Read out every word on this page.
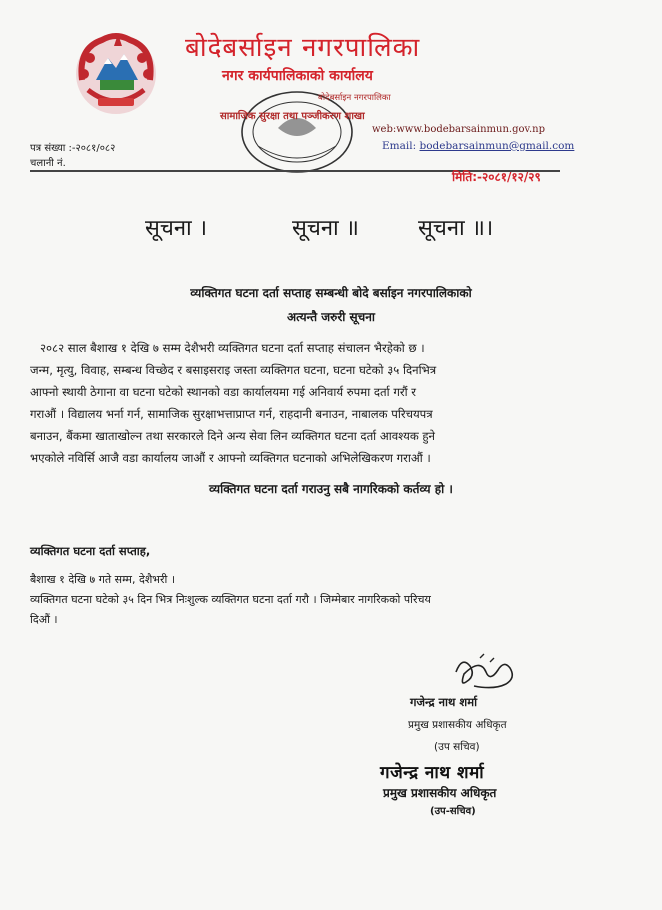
बोदेबर्साइन नगरपालिका
नगर कार्यपालिकाको कार्यालय
बोदेबर्साइन नगरपालिका
सामाजिक सुरक्षा तथा पञ्जीकरण शाखा
web:www.bodebarsainmun.gov.np
Email: bodebarsainmun@gmail.com
पत्र संख्या :-२०८१/०८२
चलानी नं.
मिति:-२०८१/१२/२९
सूचना ।	सूचना ॥	सूचना ॥।
व्यक्तिगत घटना दर्ता सप्ताह सम्बन्धी बोदे बर्साइन नगरपालिकाको
अत्यन्तै जरुरी सूचना
२०८२ साल बैशाख १ देखि ७ सम्म देशैभरी व्यक्तिगत घटना दर्ता सप्ताह संचालन भैरहेको छ ।
जन्म, मृत्यु, विवाह, सम्बन्ध विच्छेद र बसाइसराइ जस्ता व्यक्तिगत घटना, घटना घटेको ३५ दिनभित्र
आफ्नो स्थायी ठेगाना वा घटना घटेको स्थानको वडा कार्यालयमा गई अनिवार्य रुपमा दर्ता गरौं र
गराऔं । विद्यालय भर्ना गर्न, सामाजिक सुरक्षाभत्ताप्राप्त गर्न, राहदानी बनाउन, नाबालक परिचयपत्र
बनाउन, बैंकमा खाताखोल्न तथा सरकारले दिने अन्य सेवा लिन व्यक्तिगत घटना दर्ता आवश्यक हुने
भएकोले नविर्सि आजै वडा कार्यालय जाऔं र आफ्नो व्यक्तिगत घटनाको अभिलेखिकरण गराऔं ।
व्यक्तिगत घटना दर्ता गराउनु सबै नागरिकको कर्तव्य हो ।
व्यक्तिगत घटना दर्ता सप्ताह,
बैशाख १ देखि ७ गते सम्म, देशैभरी ।
व्यक्तिगत घटना घटेको ३५ दिन भित्र निःशुल्क व्यक्तिगत घटना दर्ता गरौ । जिम्मेबार नागरिकको परिचय
दिऔं ।
गजेन्द्र नाथ शर्मा
प्रमुख प्रशासकीय अधिकृत
(उप सचिव)
गजेन्द्र नाथ शर्मा
प्रमुख प्रशासकीय अधिकृत
(उप-सचिव)
